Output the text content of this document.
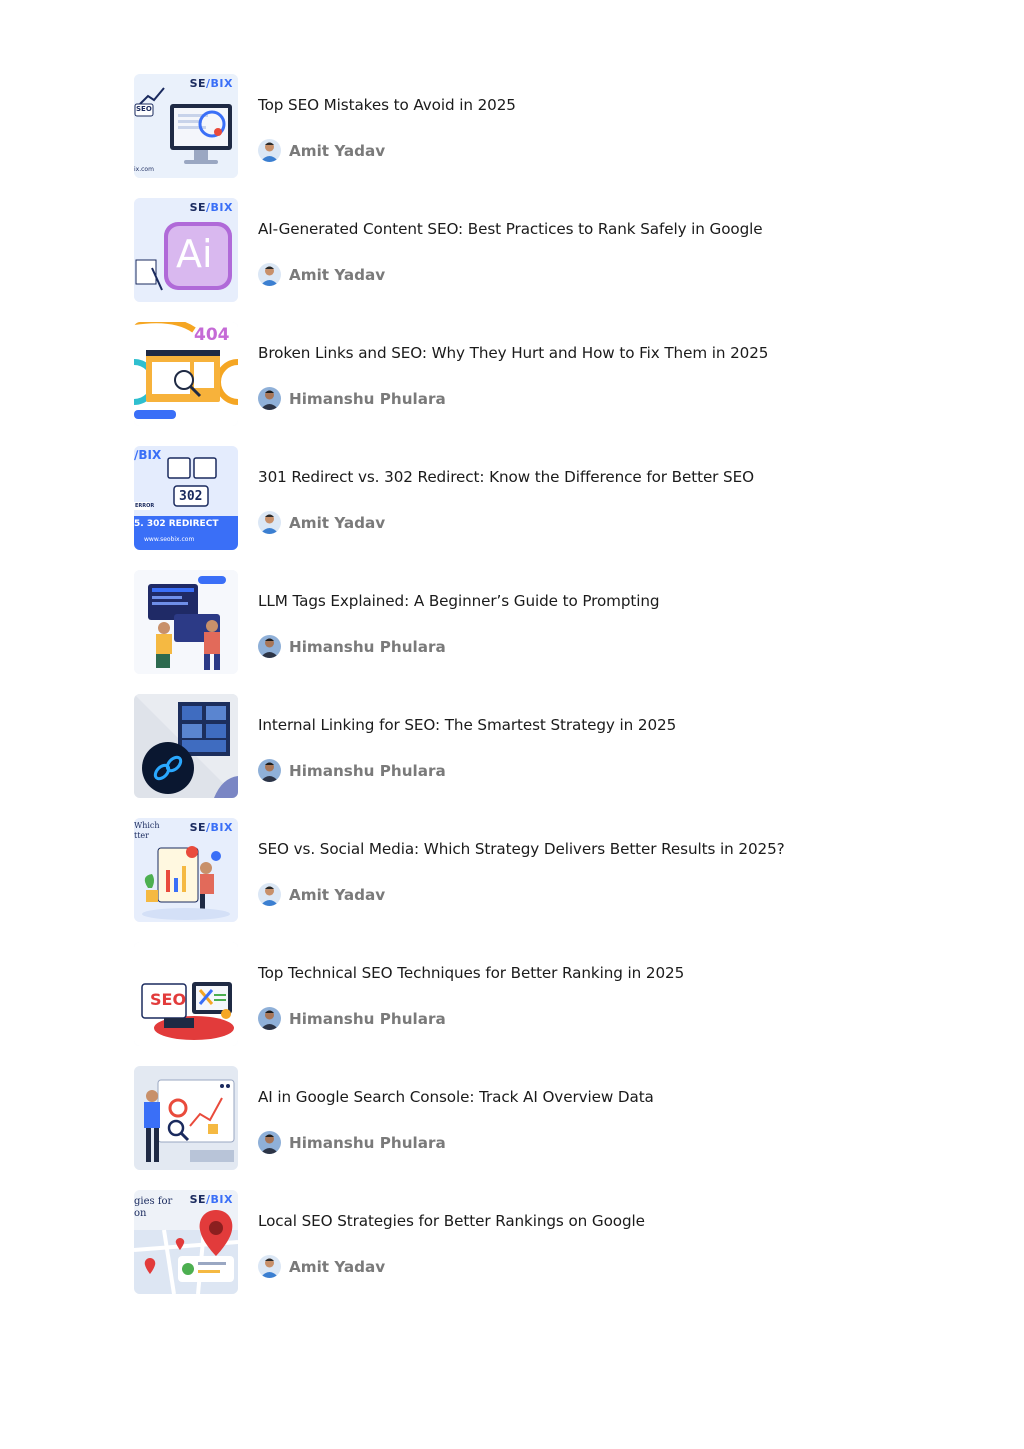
SE∕BIX
SEO
ix.com
Top SEO Mistakes to Avoid in 2025
Amit Yadav
Ai
SE∕BIX
AI-Generated Content SEO: Best Practices to Rank Safely in Google
Amit Yadav
404
Broken Links and SEO: Why They Hurt and How to Fix Them in 2025
Himanshu Phulara
∕BIX
302
ERROR
5. 302 REDIRECT
www.seobix.com
301 Redirect vs. 302 Redirect: Know the Difference for Better SEO
Amit Yadav
LLM Tags Explained: A Beginner’s Guide to Prompting
Himanshu Phulara
Internal Linking for SEO: The Smartest Strategy in 2025
Himanshu Phulara
SE∕BIX
Which
tter
SEO vs. Social Media: Which Strategy Delivers Better Results in 2025?
Amit Yadav
SEO
Top Technical SEO Techniques for Better Ranking in 2025
Himanshu Phulara
AI in Google Search Console: Track AI Overview Data
Himanshu Phulara
SE∕BIX
gies for
on	Local SEO Strategies for Better Rankings on Google
Amit Yadav
